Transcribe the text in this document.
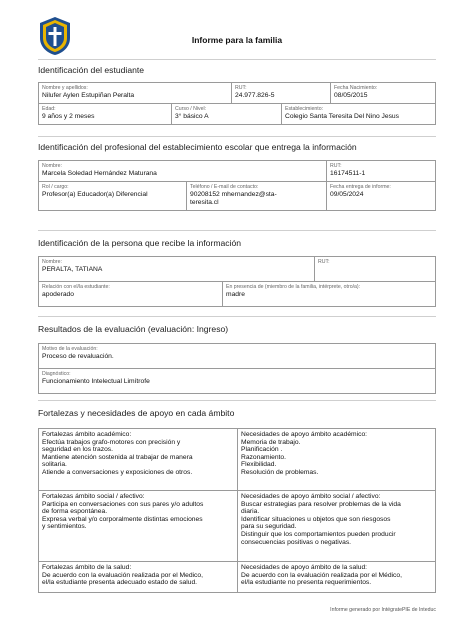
Informe para la familia
Identificación del estudiante
Nombre y apellidos:
Nilufer Aylen Estupiñan Peralta
RUT:
24.977.826-5
Fecha Nacimiento:
08/05/2015
Edad:
9 años y 2 meses
Curso / Nivel:
3° básico A
Establecimiento:
Colegio Santa Teresita Del Nino Jesus
Identificación del profesional del establecimiento escolar que entrega la información
Nombre:
Marcela Soledad Hernández Maturana
RUT:
16174511-1
Rol / cargo:
Profesor(a) Educador(a) Diferencial
Teléfono / E-mail de contacto:
90208152 mhernandez@sta-
teresita.cl
Fecha entrega de informe:
09/05/2024
Identificación de la persona que recibe la información
Nombre:
PERALTA, TATIANA
RUT:
Relación con el/la estudiante:
apoderado
En presencia de (miembro de la familia, intérprete, otro/a):
madre
Resultados de la evaluación (evaluación: Ingreso)
Motivo de la evaluación:
Proceso de revaluación.
Diagnóstico:
Funcionamiento Intelectual Limítrofe
Fortalezas y necesidades de apoyo en cada ámbito
Fortalezas ámbito académico:
Efectúa trabajos grafo-motores con precisión y
seguridad en los trazos.
Mantiene atención sostenida al trabajar de manera
solitaria.
Atiende a conversaciones y exposiciones de otros.
Necesidades de apoyo ámbito académico:
Memoria de trabajo.
Planificación .
Razonamiento.
Flexibilidad.
Resolución de problemas.
Fortalezas ámbito social / afectivo:
Participa en conversaciones con sus pares y/o adultos
de forma espontánea.
Expresa verbal y/o corporalmente distintas emociones
y sentimientos.
Necesidades de apoyo ámbito social / afectivo:
Buscar estrategias para resolver problemas de la vida
diaria.
Identificar situaciones u objetos que son riesgosos
para su seguridad.
Distinguir que los comportamientos pueden producir
consecuencias positivas o negativas.
Fortalezas ámbito de la salud:
De acuerdo con la evaluación realizada por el Medico,
el/la estudiante presenta adecuado estado de salud.
Necesidades de apoyo ámbito de la salud:
De acuerdo con la evaluación realizada por el Médico,
el/la estudiante no presenta requerimientos.
Informe generado por IntégratePIE de Inteduc
